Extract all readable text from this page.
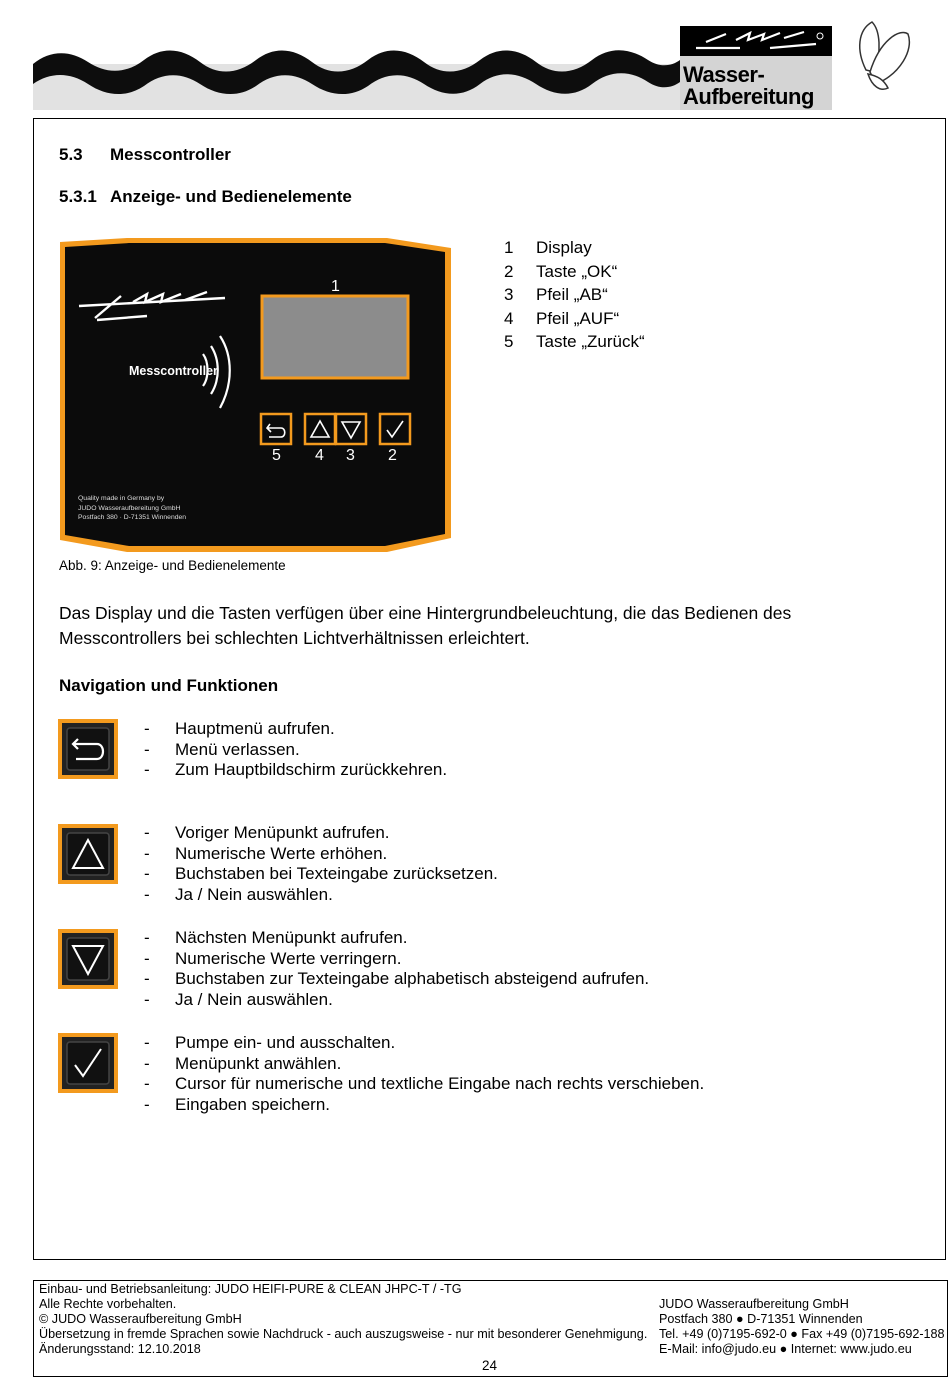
Wasser-
Aufbereitung
5.3 Messcontroller
5.3.1 Anzeige- und Bedienelemente
Messcontroller
1
5 4 3 2
Quality made in Germany by
JUDO Wasseraufbereitung GmbH
Postfach 380 · D-71351 Winnenden
1 Display
2 Taste „OK“
3 Pfeil „AB“
4 Pfeil „AUF“
5 Taste „Zurück“
Abb. 9: Anzeige- und Bedienelemente
Das Display und die Tasten verfügen über eine Hintergrundbeleuchtung, die das Bedienen des Messcontrollers bei schlechten Lichtverhältnissen erleichtert.
Navigation und Funktionen
- Hauptmenü aufrufen.
- Menü verlassen.
- Zum Hauptbildschirm zurückkehren.
- Voriger Menüpunkt aufrufen.
- Numerische Werte erhöhen.
- Buchstaben bei Texteingabe zurücksetzen.
- Ja / Nein auswählen.
- Nächsten Menüpunkt aufrufen.
- Numerische Werte verringern.
- Buchstaben zur Texteingabe alphabetisch absteigend aufrufen.
- Ja / Nein auswählen.
- Pumpe ein- und ausschalten.
- Menüpunkt anwählen.
- Cursor für numerische und textliche Eingabe nach rechts verschieben.
- Eingaben speichern.
Einbau- und Betriebsanleitung: JUDO HEIFI-PURE & CLEAN JHPC-T / -TG
Alle Rechte vorbehalten.
© JUDO Wasseraufbereitung GmbH
Übersetzung in fremde Sprachen sowie Nachdruck - auch auszugsweise - nur mit besonderer Genehmigung.
Änderungsstand: 12.10.2018
JUDO Wasseraufbereitung GmbH
Postfach 380 ● D-71351 Winnenden
Tel. +49 (0)7195-692-0 ● Fax +49 (0)7195-692-188
E-Mail: info@judo.eu ● Internet: www.judo.eu
24
